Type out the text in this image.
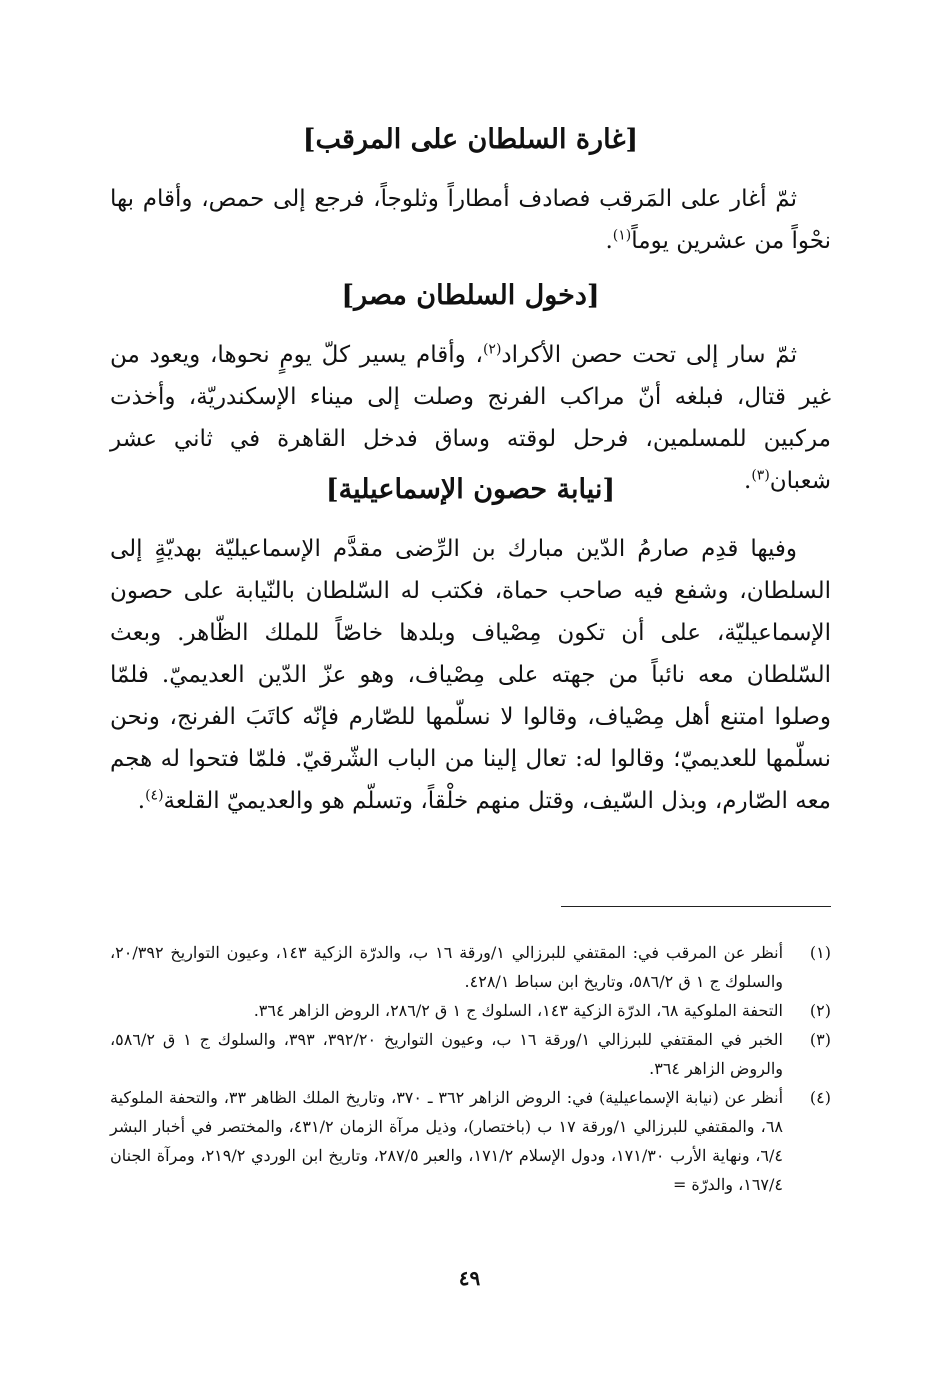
[غارة السلطان على المرقب]

ثمّ أغار على المَرقب فصادف أمطاراً وثلوجاً، فرجع إلى حمص، وأقام بها نحْواً من عشرين يوماً$^{(١)}$.

[دخول السلطان مصر]

ثمّ سار إلى تحت حصن الأكراد$^{(٢)}$، وأقام يسير كلّ يومٍ نحوها، ويعود من غير قتال، فبلغه أنّ مراكب الفرنج وصلت إلى ميناء الإسكندريّة، وأخذت مركبين للمسلمين، فرحل لوقته وساق فدخل القاهرة في ثاني عشر شعبان$^{(٣)}$.

[نيابة حصون الإسماعيلية]

وفيها قدِم صارمُ الدّين مبارك بن الرِّضى مقدَّم الإسماعيليّة بهديّةٍ إلى السلطان، وشفع فيه صاحب حماة، فكتب له السّلطان بالنّيابة على حصون الإسماعيليّة، على أن تكون مِصْياف وبلدها خاصّاً للملك الظّاهر. وبعث السّلطان معه نائباً من جهته على مِصْياف، وهو عزّ الدّين العديميّ. فلمّا وصلوا امتنع أهل مِصْياف، وقالوا لا نسلّمها للصّارم فإنّه كاتَبَ الفرنج، ونحن نسلّمها للعديميّ؛ وقالوا له: تعال إلينا من الباب الشّرقيّ. فلمّا فتحوا له هجم معه الصّارم، وبذل السّيف، وقتل منهم خلْقاً، وتسلّم هو والعديميّ القلعة$^{(٤)}$.

(١)
أنظر عن المرقب في: المقتفي للبرزالي ١/ورقة ١٦ ب، والدرّة الزكية ١٤٣، وعيون التواريخ ٢٠/٣٩٢، والسلوك ج ١ ق ٥٨٦/٢، وتاريخ ابن سباط ٤٢٨/١.
(٢)
التحفة الملوكية ٦٨، الدرّة الزكية ١٤٣، السلوك ج ١ ق ٢٨٦/٢، الروض الزاهر ٣٦٤.
(٣)
الخبر في المقتفي للبرزالي ١/ورقة ١٦ ب، وعيون التواريخ ٣٩٢/٢٠، ٣٩٣، والسلوك ج ١ ق ٥٨٦/٢، والروض الزاهر ٣٦٤.
(٤)
أنظر عن (نيابة الإسماعيلية) في: الروض الزاهر ٣٦٢ ـ ٣٧٠، وتاريخ الملك الظاهر ٣٣، والتحفة الملوكية ٦٨، والمقتفي للبرزالي ١/ورقة ١٧ ب (باختصار)، وذيل مرآة الزمان ٤٣١/٢، والمختصر في أخبار البشر ٦/٤، ونهاية الأرب ١٧١/٣٠، ودول الإسلام ١٧١/٢، والعبر ٢٨٧/٥، وتاريخ ابن الوردي ٢١٩/٢، ومرآة الجنان ١٦٧/٤، والدرّة =
٤٩
